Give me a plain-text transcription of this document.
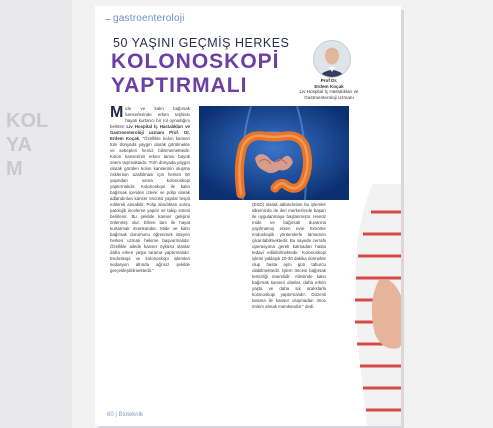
KOL
YA
M
gastroenteroloji
50 YAŞINI GEÇMİŞ HERKES
KOLONOSKOPİ
YAPTIRMALI	Prof Dr.
Erdem Koçak
Liv Hospital İç Hastalıkları ve Gastroenteroloji Uzmanı
Mide ve kalın bağırsak kanserlerinde erken teşhisin hayati kurtarıcı bir rol oynadığını belirten Liv Hospital İç Hastalıkları ve Gastroenteroloji uzmanı Prof. Dr. Erdem Koçak, "Özellikle kolon kanseri tüm dünyada yaygın olarak görülmekte ve sebepleri henüz bilinmemektedir. Kolon kanserinin erken tanısı büyük önem taşımaktadır. Tüm dünyada yaygın olarak görülen kolon kanserinin oluşma risklerinin azaltılması için herkes 50 yaşından sonra kolonoskopi yaptırmalıdır. Kolonoskopi ile kalın bağırsak içeriden izlenir ve polip olarak adlandırılan kanser öncüsü yapılar tespit edilerek alınabilir. Polip alındıktan sonra patolojik inceleme yapılır ve takip süresi belirlenir. Bu şekilde kanser gelişimi önlenmiş olur. Erken tanı ile hayat kurtarmak mümkündür. Mide ve kalın bağırsak durumunu öğrenmek isteyen herkes uzman hekime başvurmalıdır. Özellikle ailede kanser öyküsü olanlar daha erken yaşta tarama yaptırmalıdır. Endoskopi ve kolonoskopi işlemleri sedasyon altında ağrısız şekilde gerçekleştirilmektedir."
(ESD) olarak adlandırılan bu işlemler ülkemizde de ileri merkezlerde başarı ile uygulanmaya başlanmıştır. Henüz mide ve bağırsak duvarına yayılmamış erken evre tümörler endoskopik yöntemlerle tamamen çıkarılabilmektedir. Bu sayede cerrahi operasyona gerek kalmadan hasta tedavi edilebilmektedir. Kolonoskopi işlemi yaklaşık 20-30 dakika sürmekte olup hasta aynı gün taburcu olabilmektedir. İşlem öncesi bağırsak temizliği önemlidir. Ailesinde kalın bağırsak kanseri olanlar, daha erken yaşta ve daha sık aralıklarla kolonoskopi yaptırmalıdır. Düzenli tarama ile kanser oluşmadan önce önlem almak mümkündür." dedi.
60 | Bioteknik
